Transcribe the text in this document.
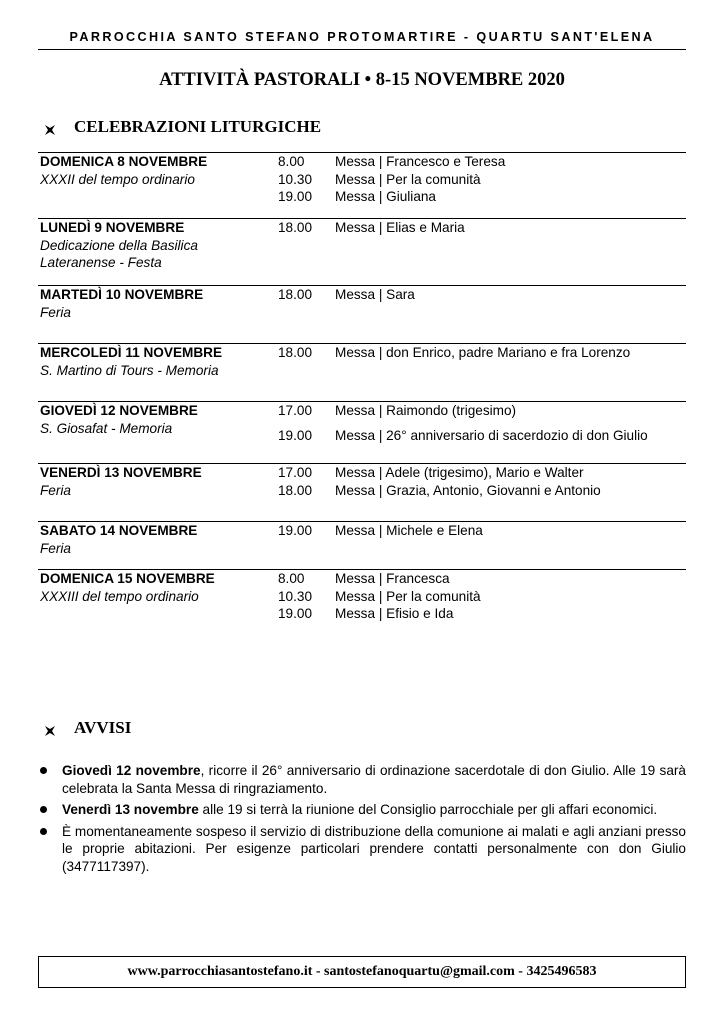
PARROCCHIA SANTO STEFANO PROTOMARTIRE - QUARTU SANT'ELENA
ATTIVITÀ PASTORALI • 8-15 NOVEMBRE 2020
CELEBRAZIONI LITURGICHE
DOMENICA 8 NOVEMBRE
XXXII del tempo ordinario
8.00	Messa | Francesco e Teresa
10.30	Messa | Per la comunità
19.00	Messa | Giuliana
LUNEDÌ 9 NOVEMBRE
Dedicazione della Basilica
Lateranense - Festa
18.00	Messa | Elias e Maria
MARTEDÌ 10 NOVEMBRE
Feria
18.00	Messa | Sara
MERCOLEDÌ 11 NOVEMBRE
S. Martino di Tours - Memoria
18.00	Messa | don Enrico, padre Mariano e fra Lorenzo
GIOVEDÌ 12 NOVEMBRE
S. Giosafat - Memoria
17.00	Messa | Raimondo (trigesimo)
19.00	Messa | 26° anniversario di sacerdozio di don Giulio
VENERDÌ 13 NOVEMBRE
Feria
17.00	Messa | Adele (trigesimo), Mario e Walter
18.00	Messa | Grazia, Antonio, Giovanni e Antonio
SABATO 14 NOVEMBRE
Feria
19.00	Messa | Michele e Elena
DOMENICA 15 NOVEMBRE
XXXIII del tempo ordinario
8.00	Messa | Francesca
10.30	Messa | Per la comunità
19.00	Messa | Efisio e Ida
AVVISI
Giovedì 12 novembre, ricorre il 26° anniversario di ordinazione sacerdotale di don Giulio. Alle 19 sarà celebrata la Santa Messa di ringraziamento.
Venerdì 13 novembre alle 19 si terrà la riunione del Consiglio parrocchiale per gli affari economici.
È momentaneamente sospeso il servizio di distribuzione della comunione ai malati e agli anziani presso le proprie abitazioni. Per esigenze particolari prendere contatti personalmente con don Giulio (3477117397).
www.parrocchiasantostefano.it - santostefanoquartu@gmail.com - 3425496583
